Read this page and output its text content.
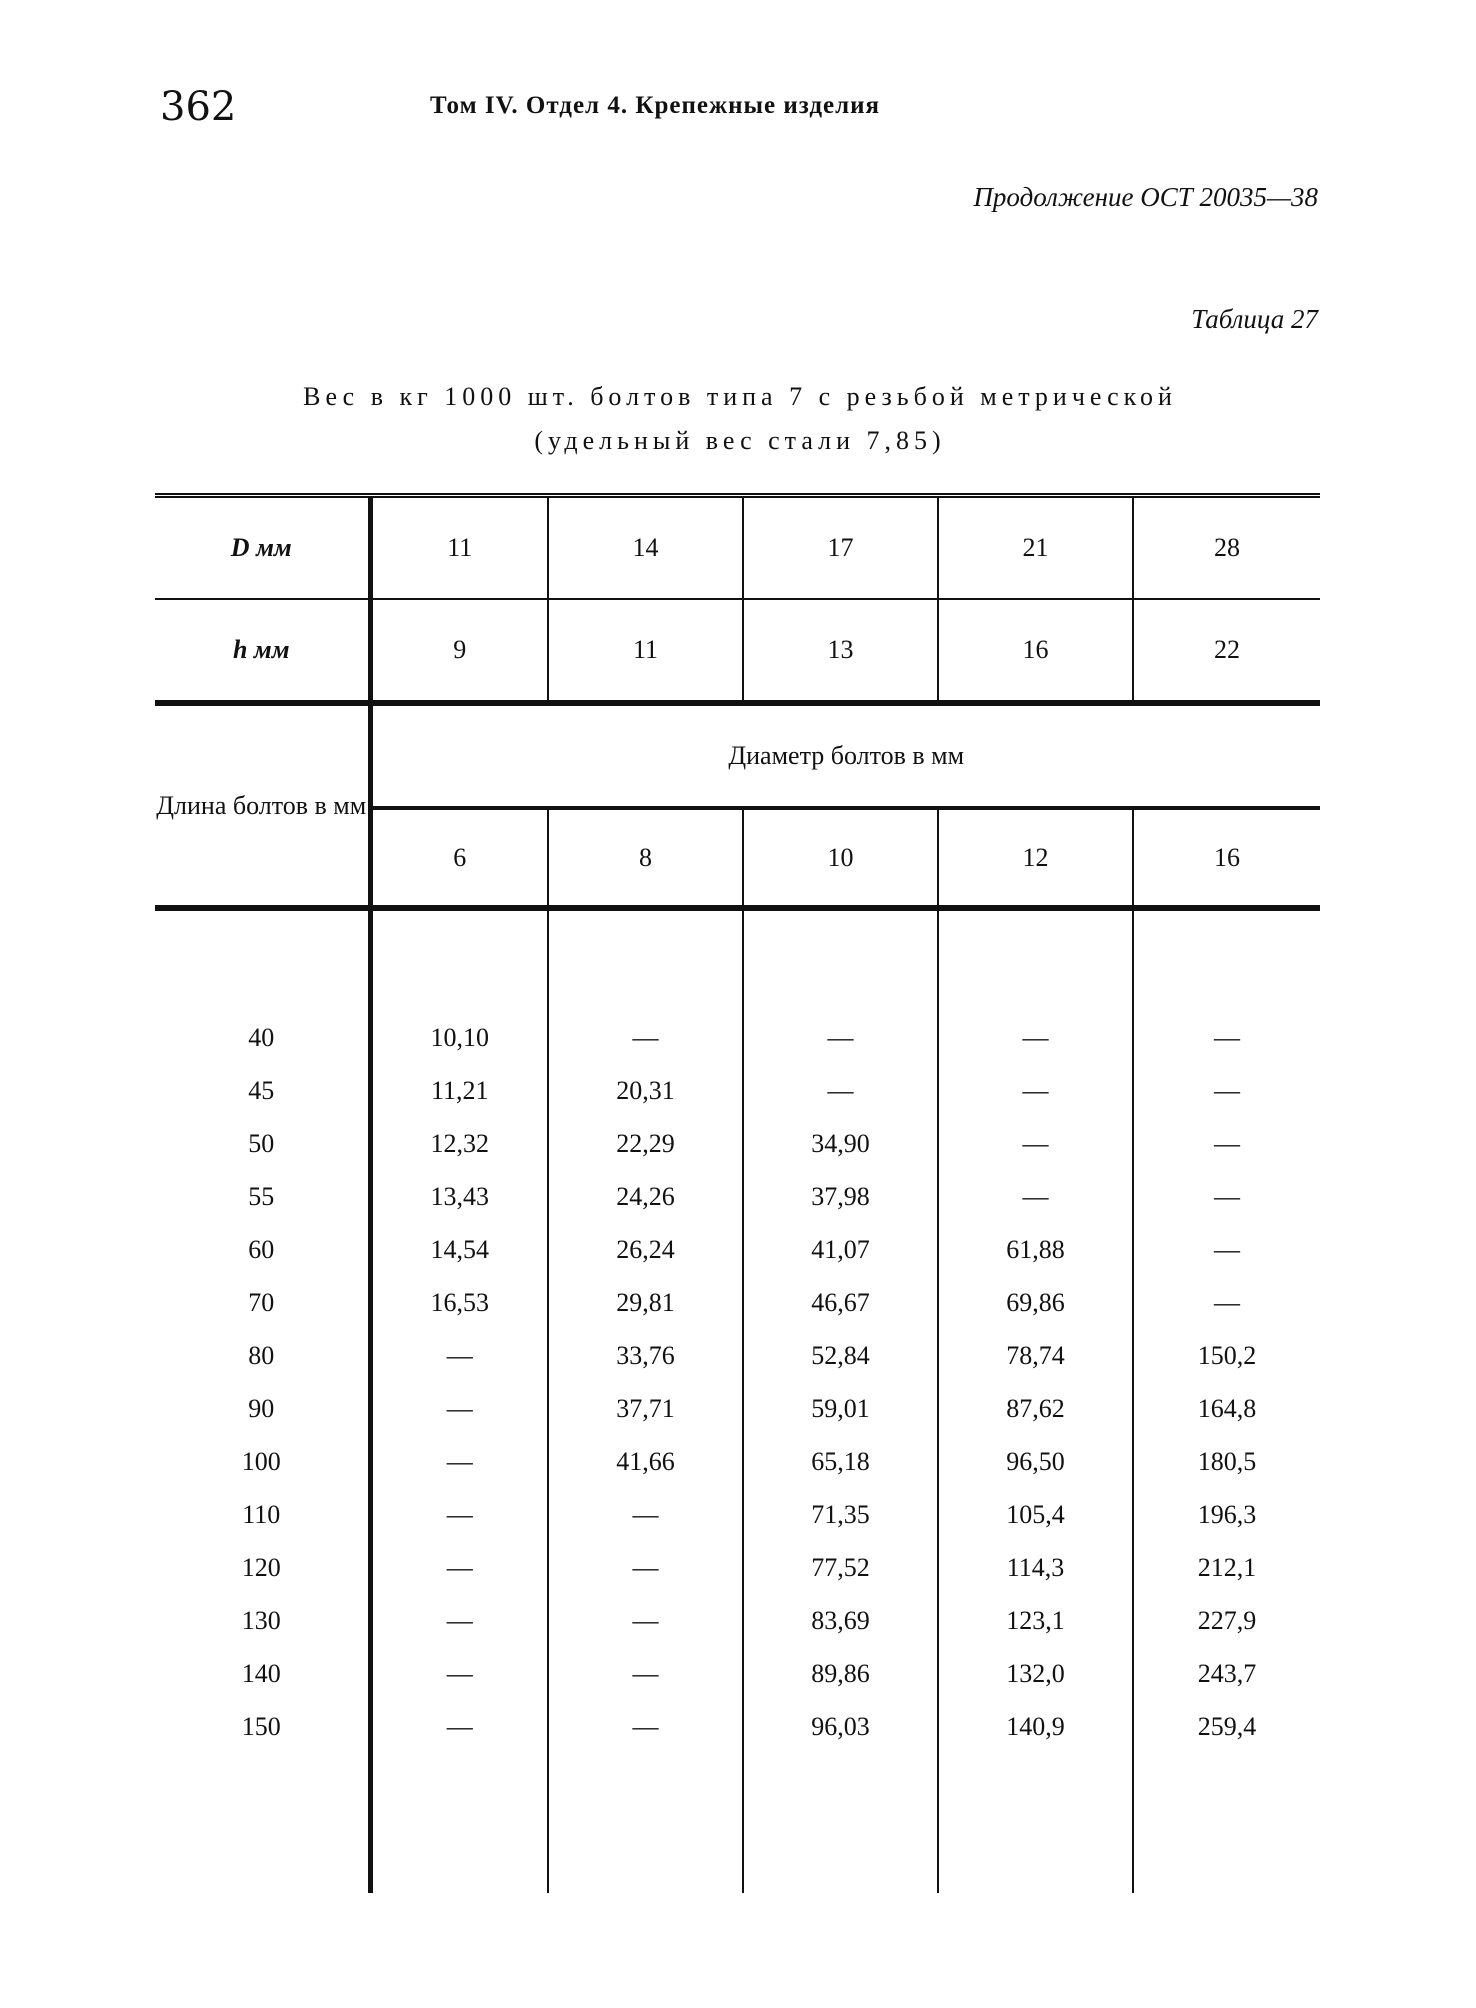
362	Том IV. Отдел 4. Крепежные изделия
Продолжение ОСТ 20035—38
Таблица 27
Вес в кг 1000 шт. болтов типа 7 с резьбой метрической
(удельный вес стали 7,85)
D мм	11	14	17	21	28
h мм	9	11	13	16	22
Длина болтов в мм	Диаметр болтов в мм				
	6	8	10	12	16

40	10,10	—	—	—	—
45	11,21	20,31	—	—	—
50	12,32	22,29	34,90	—	—
55	13,43	24,26	37,98	—	—
60	14,54	26,24	41,07	61,88	—
70	16,53	29,81	46,67	69,86	—
80	—	33,76	52,84	78,74	150,2
90	—	37,71	59,01	87,62	164,8
100	—	41,66	65,18	96,50	180,5
110	—	—	71,35	105,4	196,3
120	—	—	77,52	114,3	212,1
130	—	—	83,69	123,1	227,9
140	—	—	89,86	132,0	243,7
150	—	—	96,03	140,9	259,4
